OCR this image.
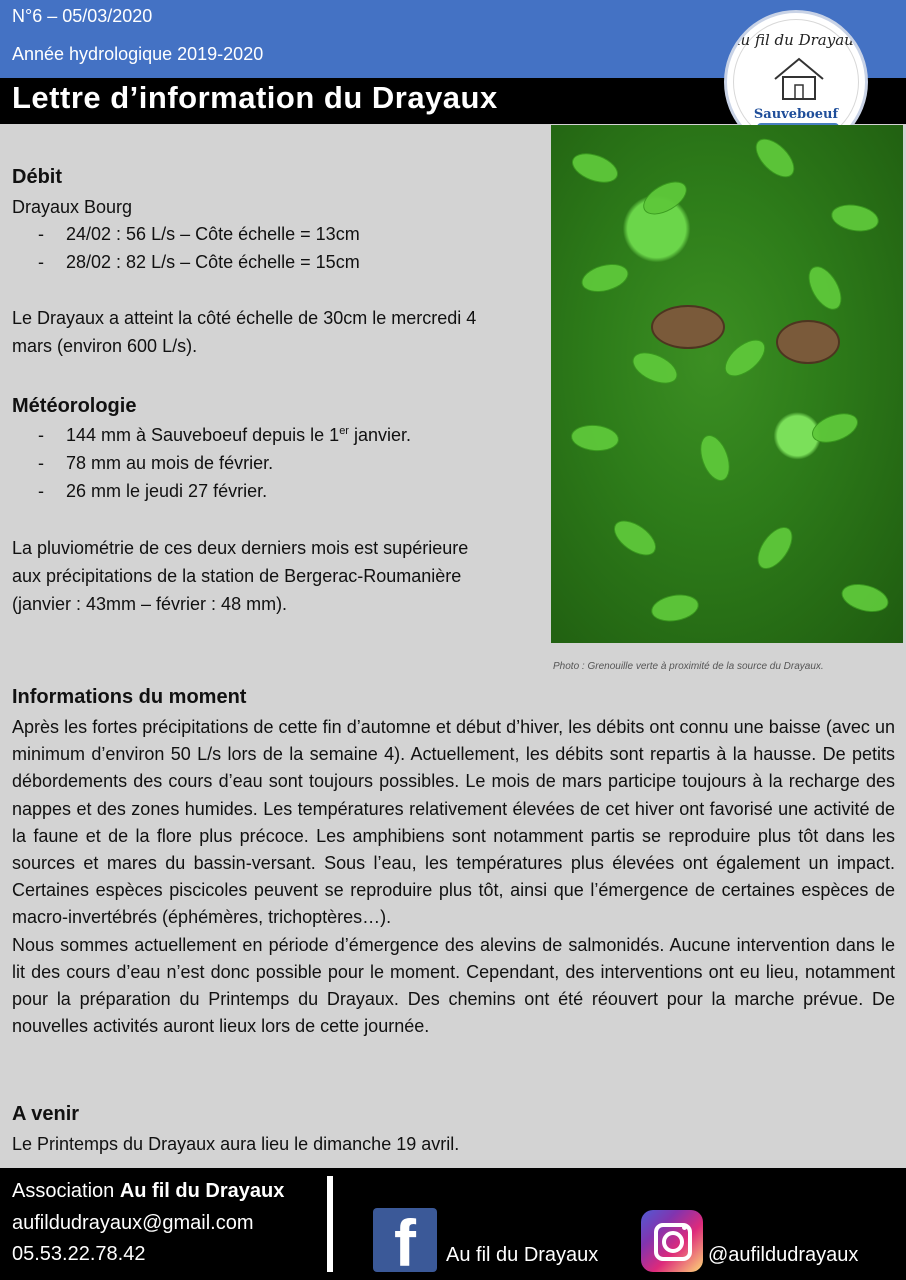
N°6 – 05/03/2020
Année hydrologique 2019-2020
Lettre d’information du Drayaux
Au fil du Drayaux
Sauveboeuf
Photo : Grenouille verte à proximité de la source du Drayaux.
Débit
Drayaux Bourg
- 24/02 : 56 L/s – Côte échelle = 13cm
- 28/02 : 82 L/s – Côte échelle = 15cm
Le Drayaux a atteint la côté échelle de 30cm le mercredi 4
mars (environ 600 L/s).
Météorologie
- 144 mm à Sauveboeuf depuis le 1er janvier.
- 78 mm au mois de février.
- 26 mm le jeudi 27 février.
La pluviométrie de ces deux derniers mois est supérieure
aux précipitations de la station de Bergerac-Roumanière
(janvier : 43mm – février : 48 mm).
Informations du moment
Après les fortes précipitations de cette fin d’automne et début d’hiver, les débits ont connu une baisse (avec un minimum d’environ 50 L/s lors de la semaine 4). Actuellement, les débits sont repartis à la hausse. De petits débordements des cours d’eau sont toujours possibles. Le mois de mars participe toujours à la recharge des nappes et des zones humides. Les températures relativement élevées de cet hiver ont favorisé une activité de la faune et de la flore plus précoce. Les amphibiens sont notamment partis se reproduire plus tôt dans les sources et mares du bassin-versant. Sous l’eau, les températures plus élevées ont également un impact. Certaines espèces piscicoles peuvent se reproduire plus tôt, ainsi que l’émergence de certaines espèces de macro-invertébrés (éphémères, trichoptères…).
Nous sommes actuellement en période d’émergence des alevins de salmonidés. Aucune intervention dans le lit des cours d’eau n’est donc possible pour le moment. Cependant, des interventions ont eu lieu, notamment pour la préparation du Printemps du Drayaux. Des chemins ont été réouvert pour la marche prévue. De nouvelles activités auront lieux lors de cette journée.
A venir
Le Printemps du Drayaux aura lieu le dimanche 19 avril.
Association Au fil du Drayaux
aufildudrayaux@gmail.com
05.53.22.78.42	f	Au fil du Drayaux	@aufildudrayaux
